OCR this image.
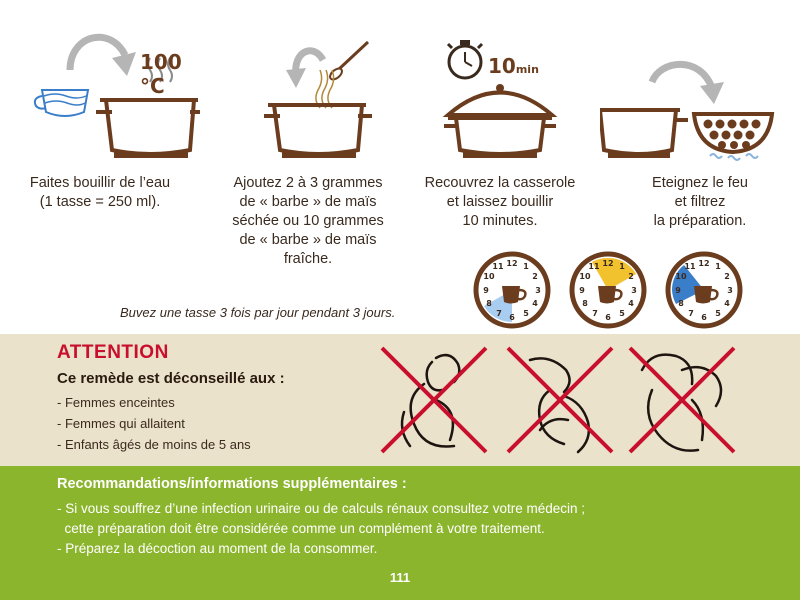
100 °C
Faites bouillir de l’eau
(1 tasse = 250 ml).
Ajoutez 2 à 3 grammes
de « barbe » de maïs
séchée ou 10 grammes
de « barbe » de maïs
fraîche.
10min
Recouvrez la casserole
et laissez bouillir
10 minutes.
Eteignez le feu
et filtrez
la préparation.
12 1
2
3
4
5
6
7
8
9
10
11	12 1
2
3
4
5
6
7
8
9
10
11	12 1
2
3
4
5
6
7
8
9
10
11
Buvez une tasse 3 fois par jour pendant 3 jours.
ATTENTION
Ce remède est déconseillé aux :
- Femmes enceintes
- Femmes qui allaitent
- Enfants âgés de moins de 5 ans
Recommandations/informations supplémentaires :
- Si vous souffrez d’une infection urinaire ou de calculs rénaux consultez votre médecin ;
cette préparation doit être considérée comme un complément à votre traitement.
- Préparez la décoction au moment de la consommer.
111
